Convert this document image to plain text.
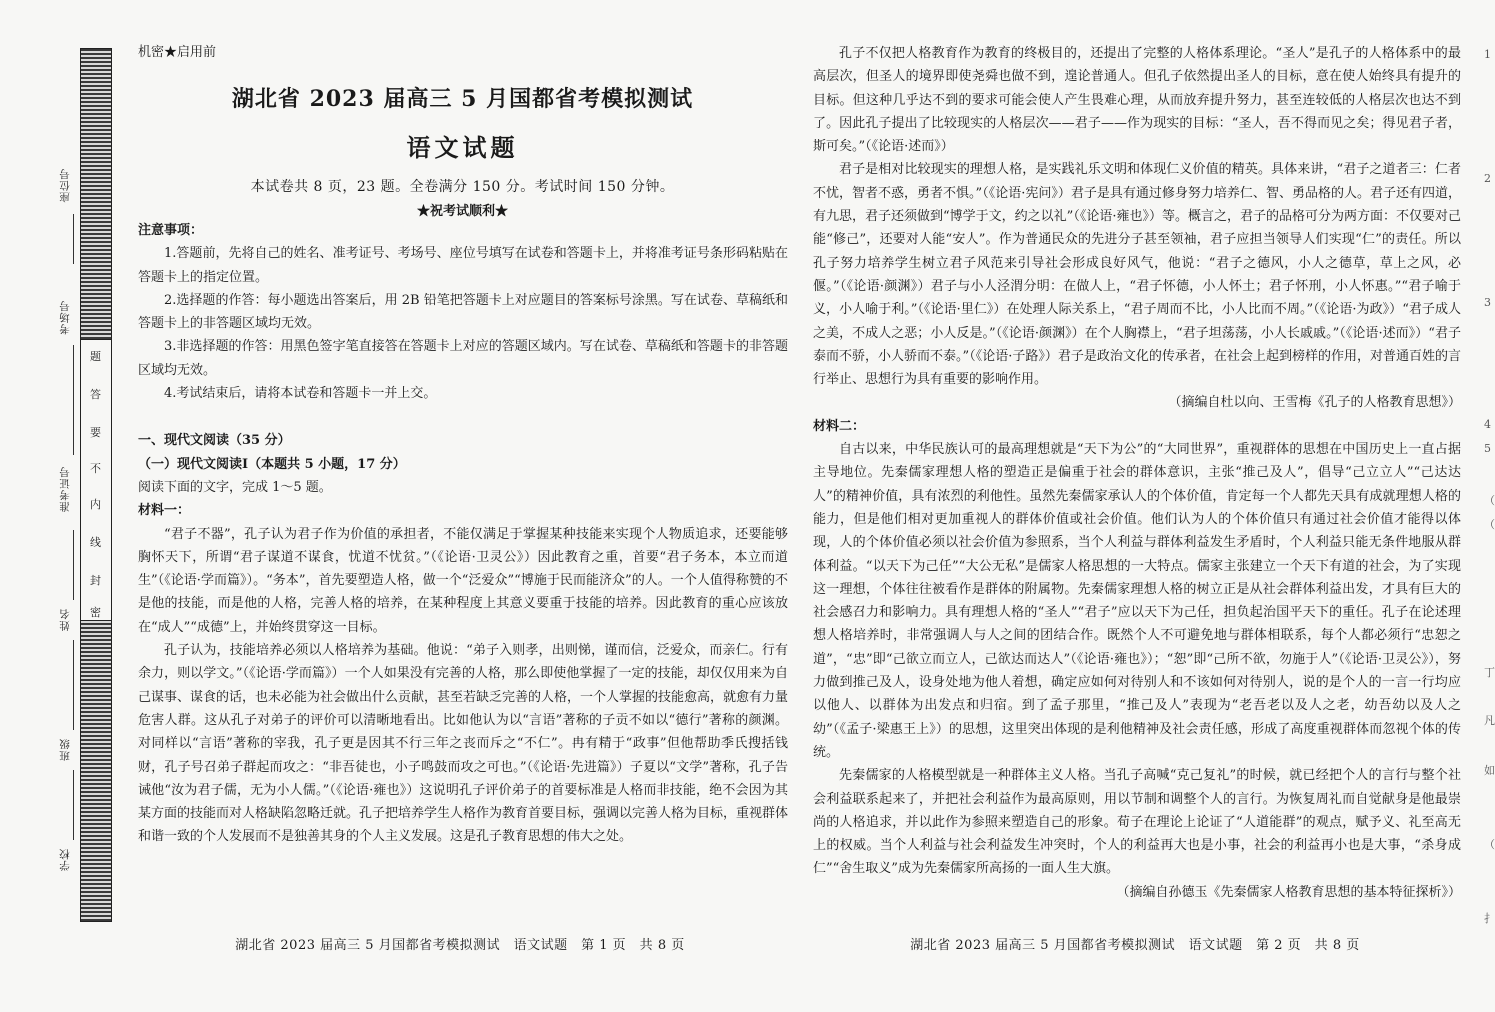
座位号
考场号
准考证号
姓名
班级
学校
题
答
要
不
内
线
封
密
机密★启用前
湖北省 2023 届高三 5 月国都省考模拟测试
语文试题
本试卷共 8 页，23 题。全卷满分 150 分。考试时间 150 分钟。
★祝考试顺利★

注意事项：

1.答题前，先将自己的姓名、准考证号、考场号、座位号填写在试卷和答题卡上，并将准考证号条形码粘贴在答题卡上的指定位置。

2.选择题的作答：每小题选出答案后，用 2B 铅笔把答题卡上对应题目的答案标号涂黑。写在试卷、草稿纸和答题卡上的非答题区域均无效。

3.非选择题的作答：用黑色签字笔直接答在答题卡上对应的答题区域内。写在试卷、草稿纸和答题卡的非答题区域均无效。

4.考试结束后，请将本试卷和答题卡一并上交。

一、现代文阅读（35 分）

（一）现代文阅读Ⅰ（本题共 5 小题，17 分）

阅读下面的文字，完成 1～5 题。

材料一：

“君子不器”，孔子认为君子作为价值的承担者，不能仅满足于掌握某种技能来实现个人物质追求，还要能够胸怀天下，所谓“君子谋道不谋食，忧道不忧贫。”（《论语·卫灵公》）因此教育之重，首要“君子务本，本立而道生”（《论语·学而篇》）。“务本”，首先要塑造人格，做一个“泛爱众”“博施于民而能济众”的人。一个人值得称赞的不是他的技能，而是他的人格，完善人格的培养，在某种程度上其意义要重于技能的培养。因此教育的重心应该放在“成人”“成德”上，并始终贯穿这一目标。

孔子认为，技能培养必须以人格培养为基础。他说：“弟子入则孝，出则悌，谨而信，泛爱众，而亲仁。行有余力，则以学文。”（《论语·学而篇》）一个人如果没有完善的人格，那么即使他掌握了一定的技能，却仅仅用来为自己谋事、谋食的话，也未必能为社会做出什么贡献，甚至若缺乏完善的人格，一个人掌握的技能愈高，就愈有力量危害人群。这从孔子对弟子的评价可以清晰地看出。比如他认为以“言语”著称的子贡不如以“德行”著称的颜渊。对同样以“言语”著称的宰我，孔子更是因其不行三年之丧而斥之“不仁”。冉有精于“政事”但他帮助季氏搜括钱财，孔子号召弟子群起而攻之：“非吾徒也，小子鸣鼓而攻之可也。”（《论语·先进篇》）子夏以“文学”著称，孔子告诫他“汝为君子儒，无为小人儒。”（《论语·雍也》）这说明孔子评价弟子的首要标准是人格而非技能，绝不会因为其某方面的技能而对人格缺陷忽略迁就。孔子把培养学生人格作为教育首要目标，强调以完善人格为目标，重视群体和谐一致的个人发展而不是独善其身的个人主义发展。这是孔子教育思想的伟大之处。

湖北省 2023 届高三 5 月国都省考模拟测试　语文试题　第 1 页　共 8 页

孔子不仅把人格教育作为教育的终极目的，还提出了完整的人格体系理论。“圣人”是孔子的人格体系中的最高层次，但圣人的境界即使尧舜也做不到，遑论普通人。但孔子依然提出圣人的目标，意在使人始终具有提升的目标。但这种几乎达不到的要求可能会使人产生畏难心理，从而放弃提升努力，甚至连较低的人格层次也达不到了。因此孔子提出了比较现实的人格层次——君子——作为现实的目标：“圣人，吾不得而见之矣；得见君子者，斯可矣。”（《论语·述而》）

君子是相对比较现实的理想人格，是实践礼乐文明和体现仁义价值的精英。具体来讲，“君子之道者三：仁者不忧，智者不惑，勇者不惧。”（《论语·宪问》）君子是具有通过修身努力培养仁、智、勇品格的人。君子还有四道，有九思，君子还须做到“博学于文，约之以礼”（《论语·雍也》）等。概言之，君子的品格可分为两方面：不仅要对己能“修己”，还要对人能“安人”。作为普通民众的先进分子甚至领袖，君子应担当领导人们实现“仁”的责任。所以孔子努力培养学生树立君子风范来引导社会形成良好风气，他说：“君子之德风，小人之德草，草上之风，必偃。”（《论语·颜渊》）君子与小人泾渭分明：在做人上，“君子怀德，小人怀土；君子怀刑，小人怀惠。”“君子喻于义，小人喻于利。”（《论语·里仁》）在处理人际关系上，“君子周而不比，小人比而不周。”（《论语·为政》）“君子成人之美，不成人之恶；小人反是。”（《论语·颜渊》）在个人胸襟上，“君子坦荡荡，小人长戚戚。”（《论语·述而》）“君子泰而不骄，小人骄而不泰。”（《论语·子路》）君子是政治文化的传承者，在社会上起到榜样的作用，对普通百姓的言行举止、思想行为具有重要的影响作用。

（摘编自杜以向、王雪梅《孔子的人格教育思想》）

材料二：

自古以来，中华民族认可的最高理想就是“天下为公”的“大同世界”，重视群体的思想在中国历史上一直占据主导地位。先秦儒家理想人格的塑造正是偏重于社会的群体意识，主张“推己及人”，倡导“己立立人”“己达达人”的精神价值，具有浓烈的利他性。虽然先秦儒家承认人的个体价值，肯定每一个人都先天具有成就理想人格的能力，但是他们相对更加重视人的群体价值或社会价值。他们认为人的个体价值只有通过社会价值才能得以体现，人的个体价值必须以社会价值为参照系，当个人利益与群体利益发生矛盾时，个人利益只能无条件地服从群体利益。“以天下为己任”“大公无私”是儒家人格思想的一大特点。儒家主张建立一个天下有道的社会，为了实现这一理想，个体往往被看作是群体的附属物。先秦儒家理想人格的树立正是从社会群体利益出发，才具有巨大的社会感召力和影响力。具有理想人格的“圣人”“君子”应以天下为己任，担负起治国平天下的重任。孔子在论述理想人格培养时，非常强调人与人之间的团结合作。既然个人不可避免地与群体相联系，每个人都必须行“忠恕之道”，“忠”即“己欲立而立人，己欲达而达人”（《论语·雍也》）；“恕”即“己所不欲，勿施于人”（《论语·卫灵公》），努力做到推己及人，设身处地为他人着想，确定应如何对待别人和不该如何对待别人，说的是个人的一言一行均应以他人、以群体为出发点和归宿。到了孟子那里，“推己及人”表现为“老吾老以及人之老，幼吾幼以及人之幼”（《孟子·梁惠王上》）的思想，这里突出体现的是利他精神及社会责任感，形成了高度重视群体而忽视个体的传统。

先秦儒家的人格模型就是一种群体主义人格。当孔子高喊“克己复礼”的时候，就已经把个人的言行与整个社会利益联系起来了，并把社会利益作为最高原则，用以节制和调整个人的言行。为恢复周礼而自觉献身是他最崇尚的人格追求，并以此作为参照来塑造自己的形象。荀子在理论上论证了“人道能群”的观点，赋予义、礼至高无上的权威。当个人利益与社会利益发生冲突时，个人的利益再大也是小事，社会的利益再小也是大事，“杀身成仁”“舍生取义”成为先秦儒家所高扬的一面人生大旗。

（摘编自孙德玉《先秦儒家人格教育思想的基本特征探析》）

湖北省 2023 届高三 5 月国都省考模拟测试　语文试题　第 2 页　共 8 页
1
2
3
4
5
（
（
丁
凡
如
（
扌
